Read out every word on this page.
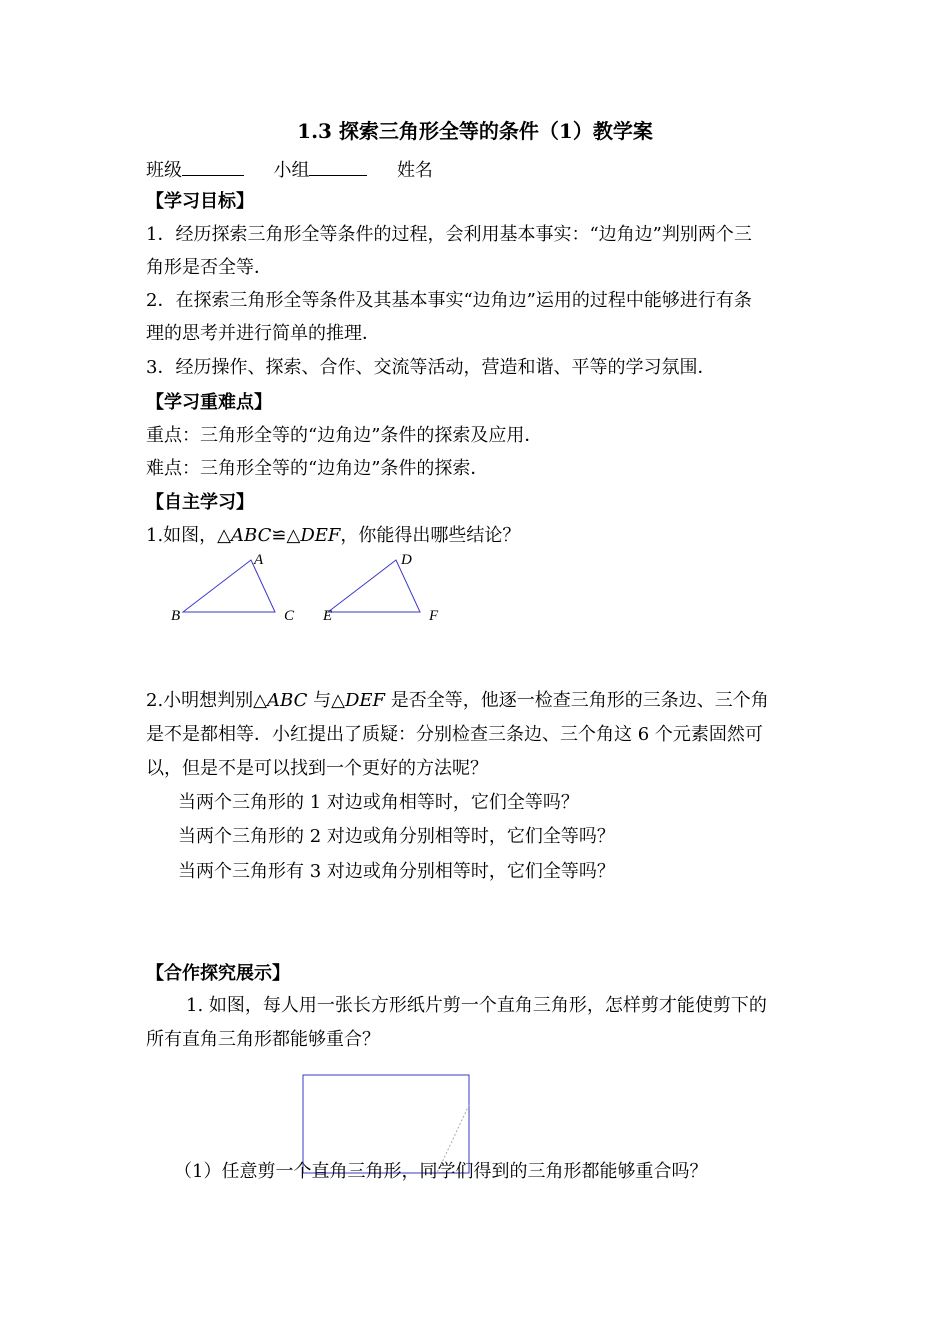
1.3 探索三角形全等的条件（1）教学案
班级	小组	姓名
【学习目标】
1．经历探索三角形全等条件的过程，会利用基本事实：“边角边”判别两个三
角形是否全等．
2．在探索三角形全等条件及其基本事实“边角边”运用的过程中能够进行有条
理的思考并进行简单的推理．
3．经历操作、探索、合作、交流等活动，营造和谐、平等的学习氛围．
【学习重难点】
重点：三角形全等的“边角边”条件的探索及应用．
难点：三角形全等的“边角边”条件的探索．
【自主学习】
1.如图，△ABC≌△DEF，你能得出哪些结论？
A
B	C
D
E	F
2.小明想判别△ABC 与△DEF 是否全等，他逐一检查三角形的三条边、三个角
是不是都相等．小红提出了质疑：分别检查三条边、三个角这 6 个元素固然可
以，但是不是可以找到一个更好的方法呢？
当两个三角形的 1 对边或角相等时，它们全等吗？
当两个三角形的 2 对边或角分别相等时，它们全等吗？
当两个三角形有 3 对边或角分别相等时，它们全等吗？
【合作探究展示】
1. 如图，每人用一张长方形纸片剪一个直角三角形，怎样剪才能使剪下的
所有直角三角形都能够重合？
（1）任意剪一个直角三角形，同学们得到的三角形都能够重合吗？
